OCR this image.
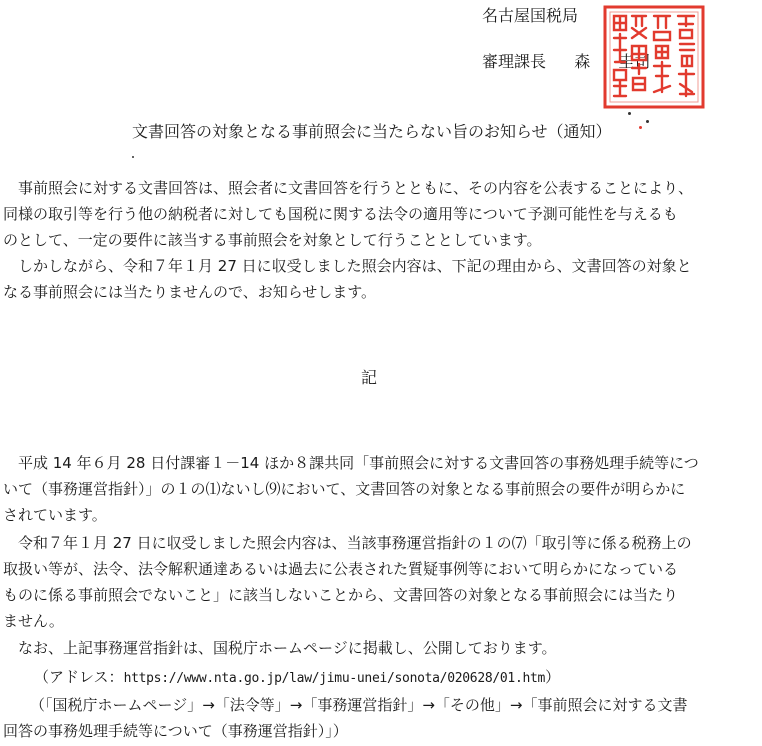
名古屋国税局
審理課長 森 圭司
文書回答の対象となる事前照会に当たらない旨のお知らせ（通知）
　事前照会に対する文書回答は、照会者に文書回答を行うとともに、その内容を公表することにより、
同様の取引等を行う他の納税者に対しても国税に関する法令の適用等について予測可能性を与えるも
のとして、一定の要件に該当する事前照会を対象として行うこととしています。
　しかしながら、令和７年１月 27 日に収受しました照会内容は、下記の理由から、文書回答の対象と
なる事前照会には当たりませんので、お知らせします。
記
　平成 14 年６月 28 日付課審１－14 ほか８課共同「事前照会に対する文書回答の事務処理手続等につ
いて（事務運営指針）」の１の⑴ないし⑼において、文書回答の対象となる事前照会の要件が明らかに
されています。
　令和７年１月 27 日に収受しました照会内容は、当該事務運営指針の１の⑺「取引等に係る税務上の
取扱い等が、法令、法令解釈通達あるいは過去に公表された質疑事例等において明らかになっている
ものに係る事前照会でないこと」に該当しないことから、文書回答の対象となる事前照会には当たり
ません。
　なお、上記事務運営指針は、国税庁ホームページに掲載し、公開しております。
（アドレス：https://www.nta.go.jp/law/jimu-unei/sonota/020628/01.htm）
（「国税庁ホームページ」→「法令等」→「事務運営指針」→「その他」→「事前照会に対する文書
回答の事務処理手続等について（事務運営指針）」）
